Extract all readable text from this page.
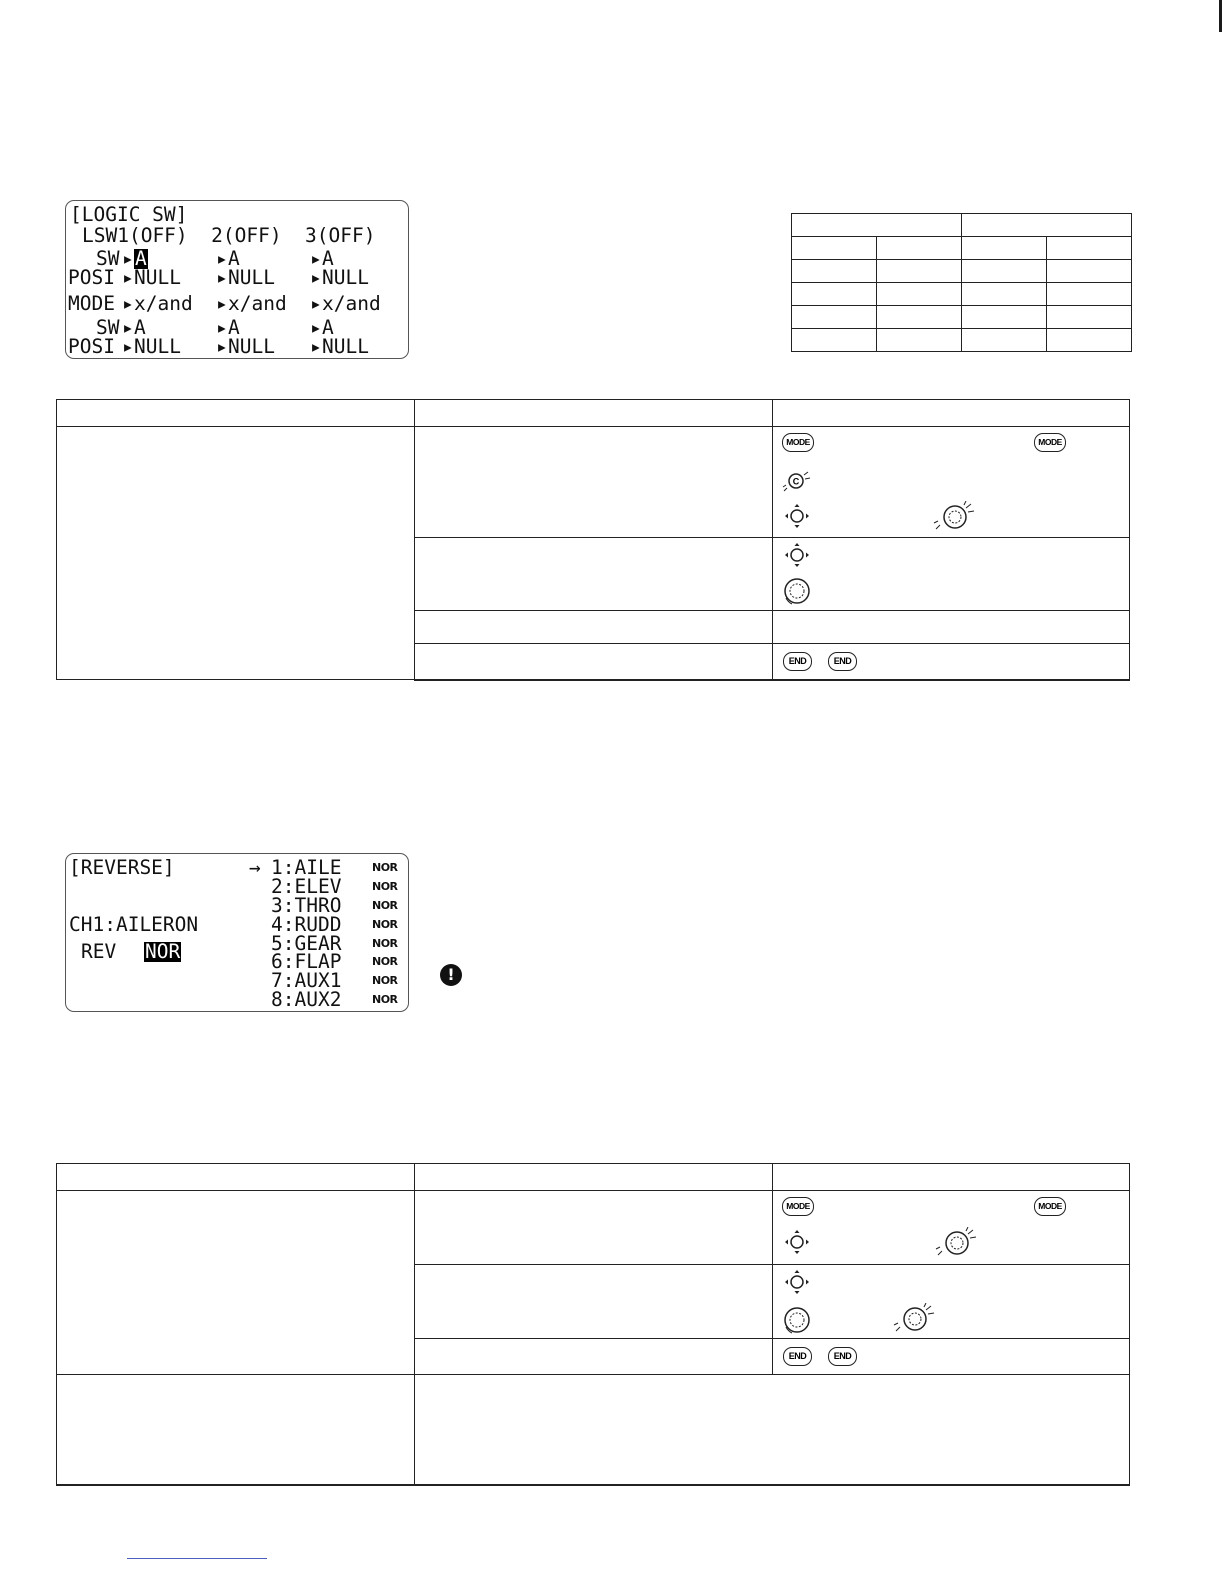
[LOGIC SW]
LSW1(OFF)  2(OFF)  3(OFF)
SW ▸ A	▸ A	▸ A
POSI ▸ NULL ▸ NULL ▸ NULL
MODE ▸ x/and ▸ x/and ▸ x/and
SW ▸ A	▸ A	▸ A
POSI ▸ NULL ▸ NULL ▸ NULL

		MODE MODE
C

		END END
[REVERSE]	→ 1:AILE	NOR
2:ELEV	NOR
3:THRO	NOR
4:RUDD	NOR
5:GEAR	NOR
6:FLAP	NOR
7:AUX1	NOR
8:AUX2	NOR
CH1:AILERON
REV NOR
!

		MODE MODE

		END END
